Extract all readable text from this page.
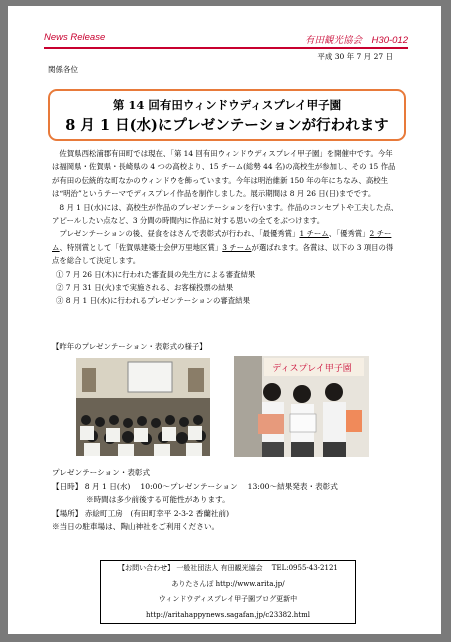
News Release	有田観光協会　H30-012
平成 30 年 7 月 27 日
関係各位
第 14 回有田ウィンドウディスプレイ甲子園
8 月 1 日(水)にプレゼンテーションが行われます

佐賀県西松浦郡有田町では現在、「第 14 回有田ウィンドウディスプレイ甲子園」を開催中です。今年は福岡県・佐賀県・長崎県の 4 つの高校より、15 チーム(総勢 44 名)の高校生が参加し、その 15 作品が有田の伝統的な町なかのウィンドウを飾っています。今年は明治維新 150 年の年にちなみ、高校生は“明治”というテーマでディスプレイ作品を制作しました。展示期間は 8 月 26 日(日)までです。

8 月 1 日(水)には、高校生が作品のプレゼンテーションを行います。作品のコンセプトや工夫した点、アピールしたい点など、3 分間の時間内に作品に対する思いの全てをぶつけます。

プレゼンテーションの後、昼食をはさんで表彰式が行われ、「最優秀賞」1 チーム、「優秀賞」2 チーム、特別賞として「佐賀県建築士会伊万里地区賞」3 チームが選ばれます。各賞は、以下の 3 項目の得点を総合して決定します。

① 7 月 26 日(木)に行われた審査員の先生方による審査結果
② 7 月 31 日(火)まで実施される、お客様投票の結果
③ 8 月 1 日(水)に行われるプレゼンテーションの審査結果
【昨年のプレゼンテーション・表彰式の様子】
ディスプレイ甲子園

プレゼンテーション・表彰式

【日時】 8 月 1 日(水)　 10:00～プレゼンテーション　 13:00～結果発表・表彰式

※時間は多少前後する可能性があります。

【場所】 赤絵町工房　(有田町幸平 2-3-2 香蘭社前)

※当日の駐車場は、陶山神社をご利用ください。

【お問い合わせ】 一般社団法人 有田観光協会　 TEL:0955-43-2121

ありたさんぽ http://www.arita.jp/

ウィンドウディスプレイ甲子園ブログ更新中 http://aritahappynews.sagafan.jp/c23382.html
